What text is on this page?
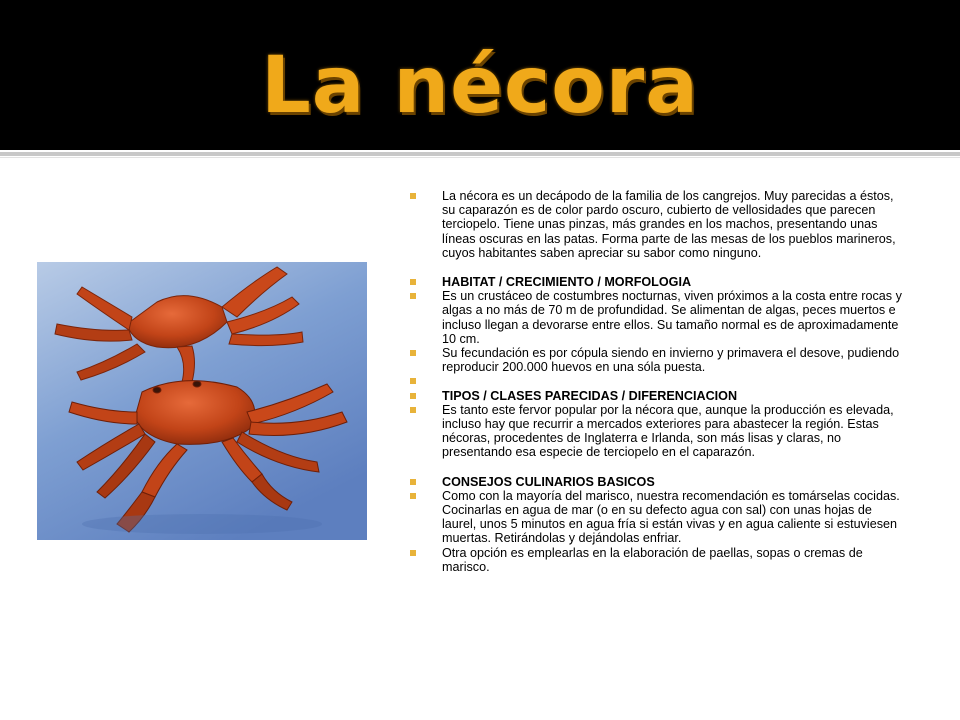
La nécora
La nécora es un decápodo de la familia de los cangrejos. Muy parecidas a éstos, su caparazón es de color pardo oscuro, cubierto de vellosidades que parecen terciopelo. Tiene unas pinzas, más grandes en los machos, presentando unas líneas oscuras en las patas. Forma parte de las mesas de los pueblos marineros, cuyos habitantes saben apreciar su sabor como ninguno.
HABITAT / CRECIMIENTO / MORFOLOGIA
Es un crustáceo de costumbres nocturnas, viven próximos a la costa entre rocas y algas a no más de 70 m de profundidad. Se alimentan de algas, peces muertos e incluso llegan a devorarse entre ellos. Su tamaño normal es de aproximadamente 10 cm.
Su fecundación es por cópula siendo en invierno y primavera el desove, pudiendo reproducir 200.000 huevos en una sóla puesta.
TIPOS / CLASES PARECIDAS / DIFERENCIACION
Es tanto este fervor popular por la nécora que, aunque la producción es elevada, incluso hay que recurrir a mercados exteriores para abastecer la región. Estas nécoras, procedentes de Inglaterra e Irlanda, son más lisas y claras, no presentando esa especie de terciopelo en el caparazón.
CONSEJOS CULINARIOS BASICOS
Como con la mayoría del marisco, nuestra recomendación es tomárselas cocidas. Cocinarlas en agua de mar (o en su defecto agua con sal) con unas hojas de laurel, unos 5 minutos en agua fría si están vivas y en agua caliente si estuviesen muertas. Retirándolas y dejándolas enfriar.
Otra opción es emplearlas en la elaboración de paellas, sopas o cremas de marisco.
